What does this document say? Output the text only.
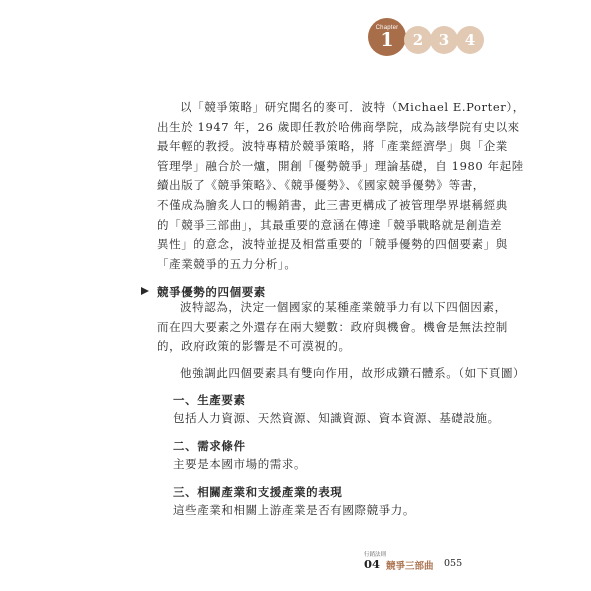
Chapter
1	2	3	4

以「競爭策略」研究聞名的麥可．波特（Michael E.Porter），

出生於 1947 年，26 歲即任教於哈佛商學院，成為該學院有史以來

最年輕的教授。波特專精於競爭策略，將「產業經濟學」與「企業

管理學」融合於一爐，開創「優勢競爭」理論基礎，自 1980 年起陸

續出版了《競爭策略》、《競爭優勢》、《國家競爭優勢》等書，

不僅成為膾炙人口的暢銷書，此三書更構成了被管理學界堪稱經典

的「競爭三部曲」，其最重要的意涵在傳達「競爭戰略就是創造差

異性」的意念，波特並提及相當重要的「競爭優勢的四個要素」與

「產業競爭的五力分析」。

競爭優勢的四個要素

波特認為，決定一個國家的某種產業競爭力有以下四個因素，

而在四大要素之外還存在兩大變數：政府與機會。機會是無法控制

的，政府政策的影響是不可漠視的。

他強調此四個要素具有雙向作用，故形成鑽石體系。（如下頁圖）
一、生產要素
包括人力資源、天然資源、知識資源、資本資源、基礎設施。
二、需求條件
主要是本國市場的需求。
三、相關產業和支援產業的表現
這些產業和相關上游產業是否有國際競爭力。
行銷法則
04 競爭三部曲 055
